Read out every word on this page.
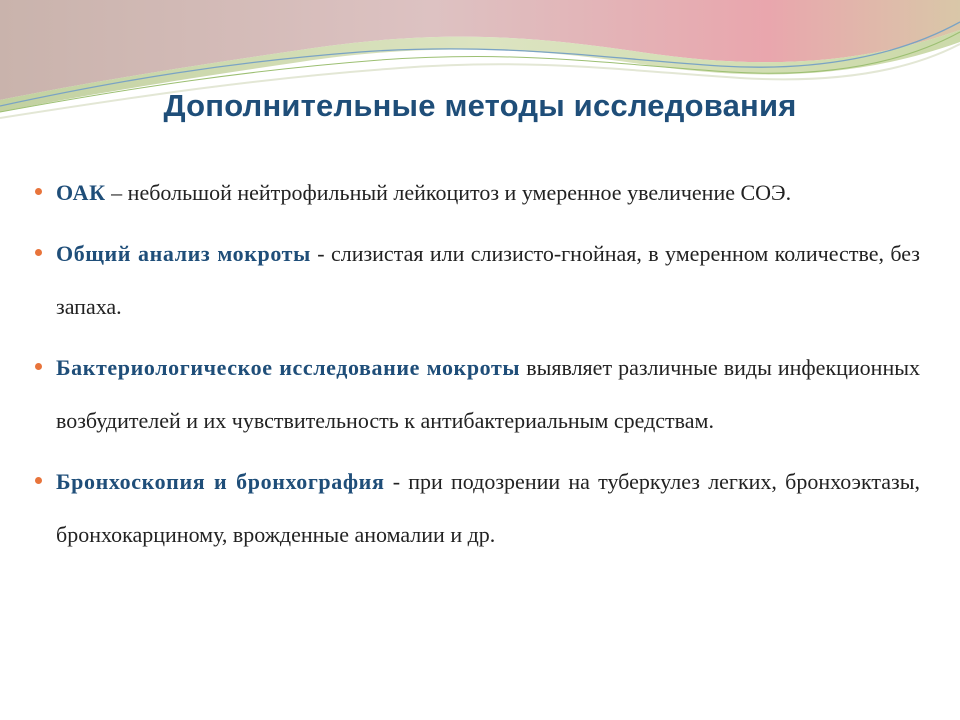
Дополнительные методы исследования
ОАК – небольшой нейтрофильный лейкоцитоз и умеренное увеличение СОЭ.
Общий анализ мокроты - слизистая или слизисто-гнойная, в умеренном количестве, без запаха.
Бактериологическое исследование мокроты выявляет различные виды инфекционных возбудителей и их чувствительность к антибактериальным средствам.
Бронхоскопия и бронхография - при подозрении на туберкулез легких, бронхоэктазы, бронхокарциному, врожденные аномалии и др.
